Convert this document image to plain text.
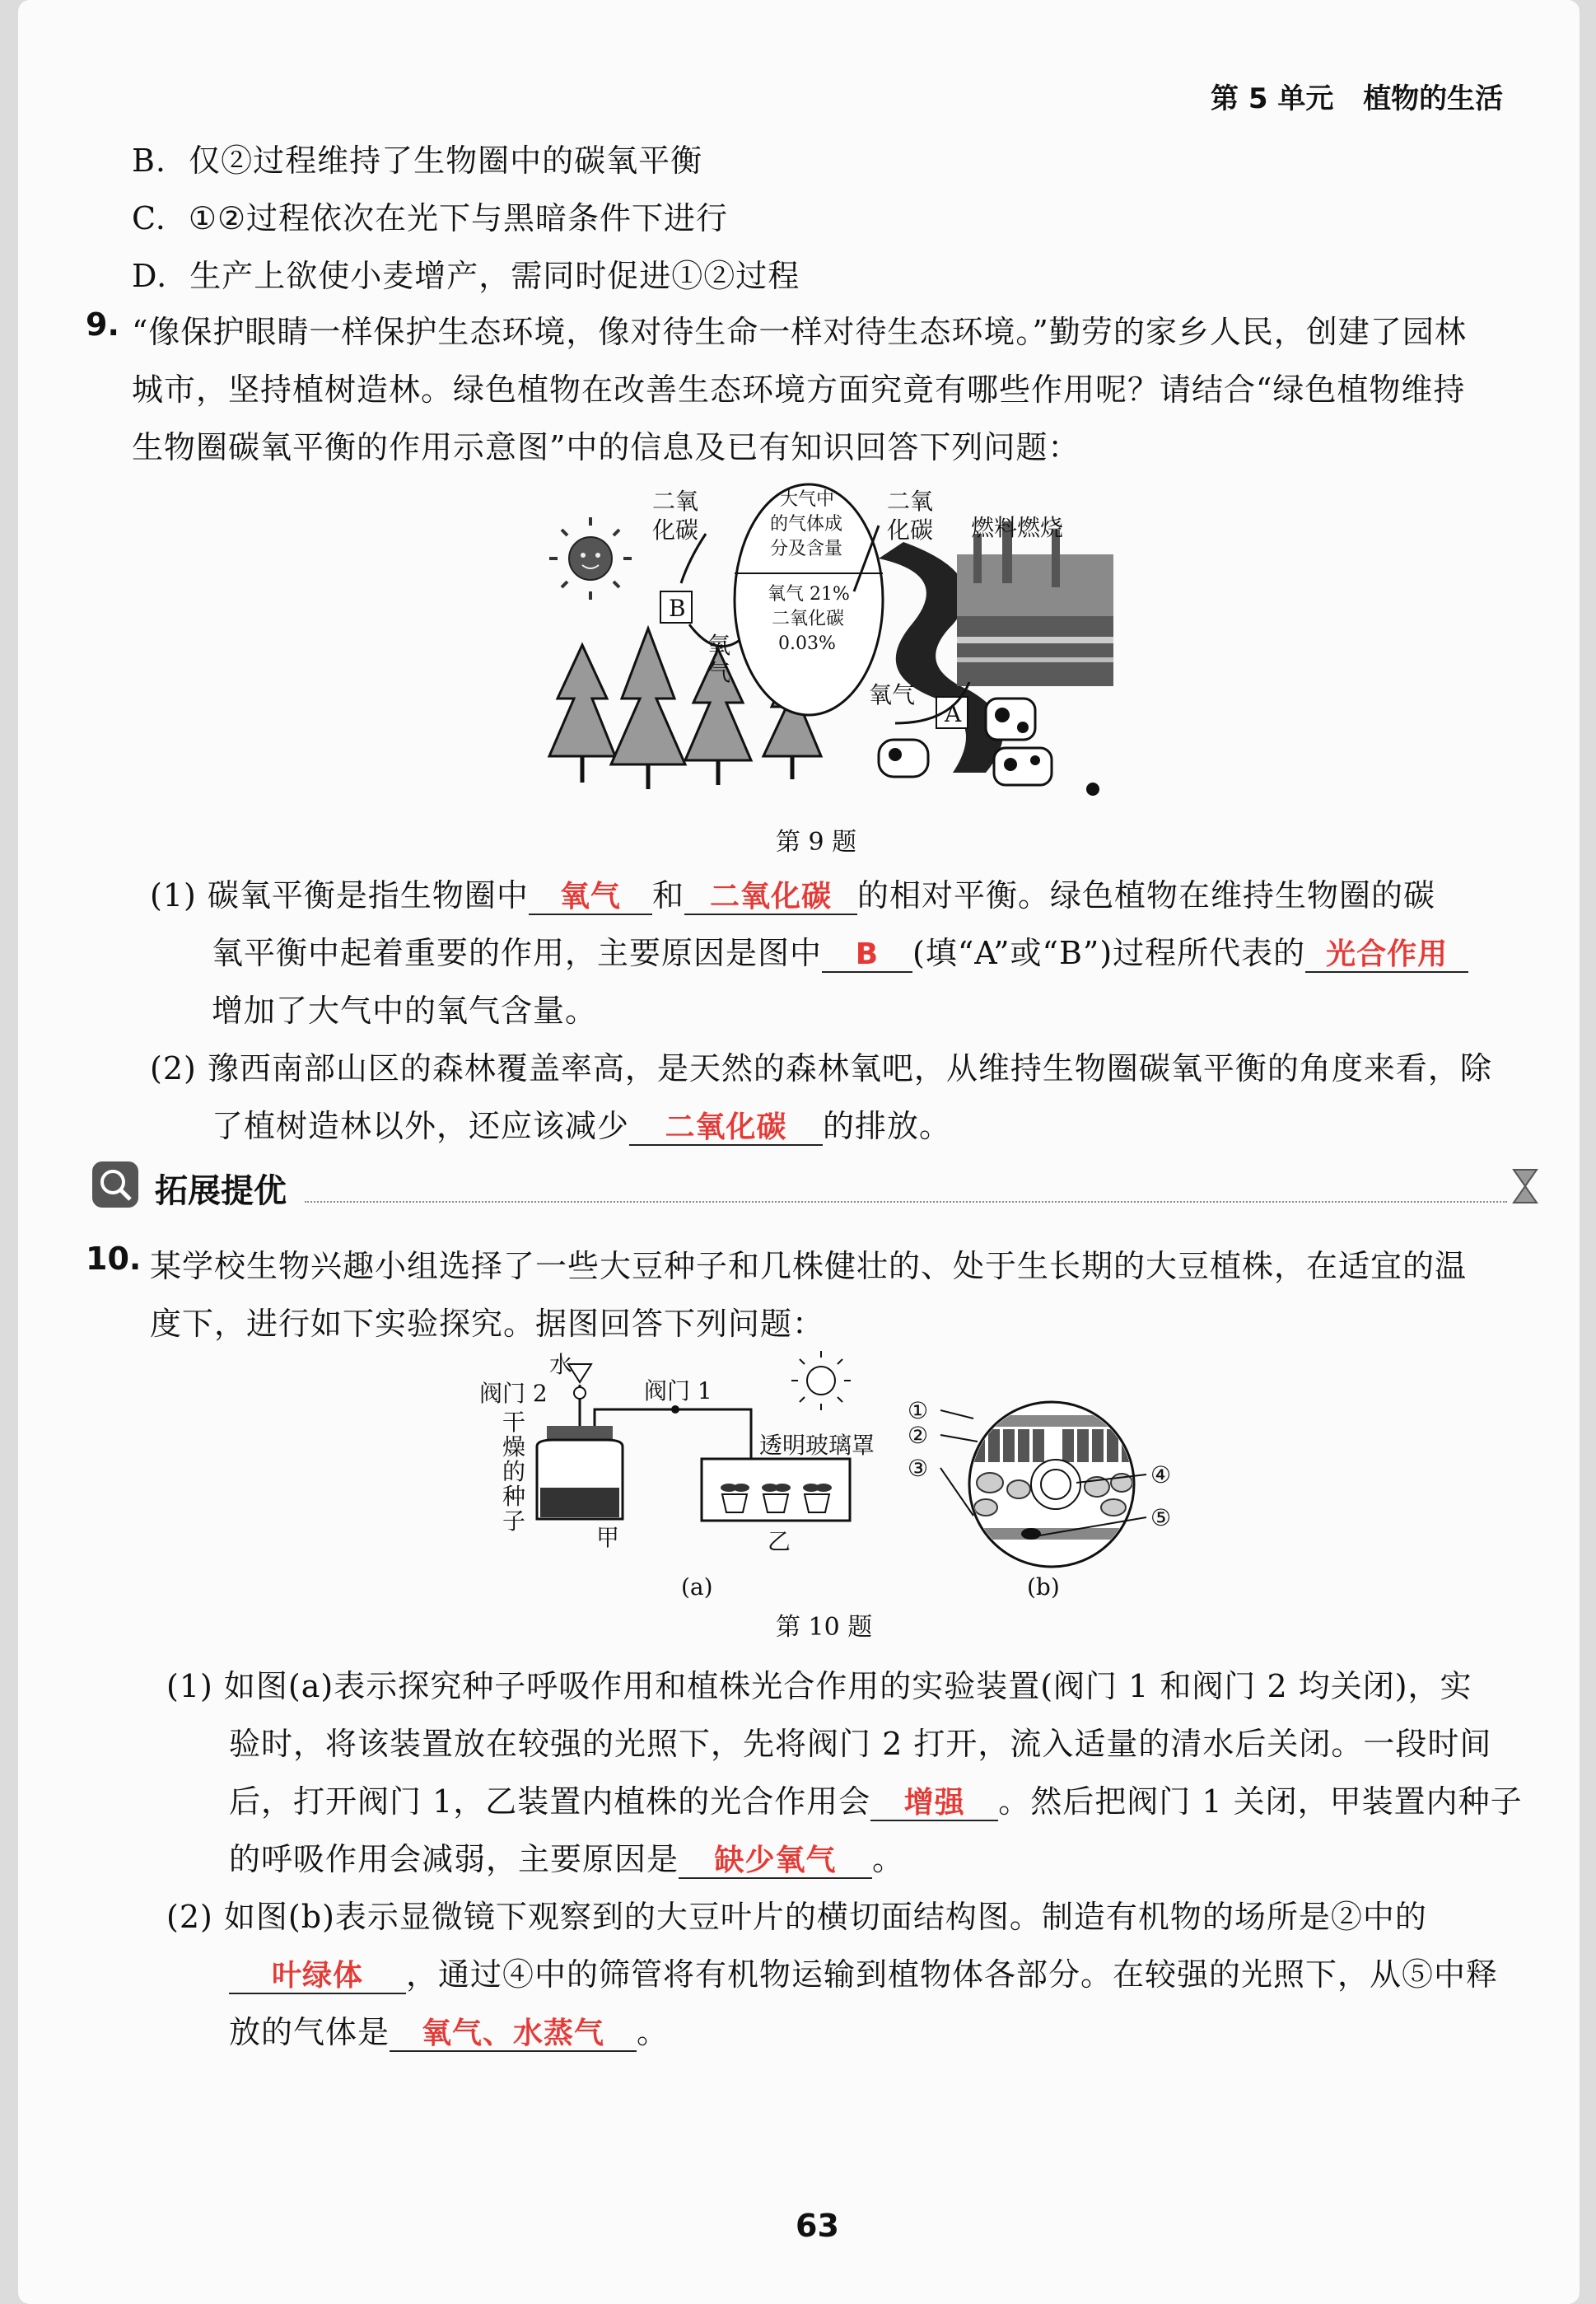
第 5 单元 植物的生活
B. 仅②过程维持了生物圈中的碳氧平衡
C. ①②过程依次在光下与黑暗条件下进行
D. 生产上欲使小麦增产，需同时促进①②过程
9. “像保护眼睛一样保护生态环境，像对待生命一样对待生态环境。”勤劳的家乡人民，创建了园林
城市，坚持植树造林。绿色植物在改善生态环境方面究竟有哪些作用呢？请结合“绿色植物维持
生物圈碳氧平衡的作用示意图”中的信息及已有知识回答下列问题：
B
A
二氧
化碳
二氧
化碳
大气中
的气体成
分及含量
氧气 21%
二氧化碳
0.03%
氧
气
氧气
燃料燃烧
第 9 题
(1) 碳氧平衡是指生物圈中 氧气 和 二氧化碳 的相对平衡。绿色植物在维持生物圈的碳
氧平衡中起着重要的作用，主要原因是图中 B (填“A”或“B”)过程所代表的 光合作用
增加了大气中的氧气含量。
(2) 豫西南部山区的森林覆盖率高，是天然的森林氧吧，从维持生物圈碳氧平衡的角度来看，除
了植树造林以外，还应该减少 二氧化碳 的排放。
拓展提优
10. 某学校生物兴趣小组选择了一些大豆种子和几株健壮的、处于生长期的大豆植株，在适宜的温
度下，进行如下实验探究。据图回答下列问题：
水
阀门 2	阀门 1
透明玻璃罩
干
燥
的
种
子
甲	乙
(a)
①
②
③	④
⑤
(b)
第 10 题
(1) 如图(a)表示探究种子呼吸作用和植株光合作用的实验装置(阀门 1 和阀门 2 均关闭)，实
验时，将该装置放在较强的光照下，先将阀门 2 打开，流入适量的清水后关闭。一段时间
后，打开阀门 1，乙装置内植株的光合作用会 增强 。然后把阀门 1 关闭，甲装置内种子
的呼吸作用会减弱，主要原因是 缺少氧气 。
(2) 如图(b)表示显微镜下观察到的大豆叶片的横切面结构图。制造有机物的场所是②中的
叶绿体 ，通过④中的筛管将有机物运输到植物体各部分。在较强的光照下，从⑤中释
放的气体是 氧气、水蒸气 。
63
